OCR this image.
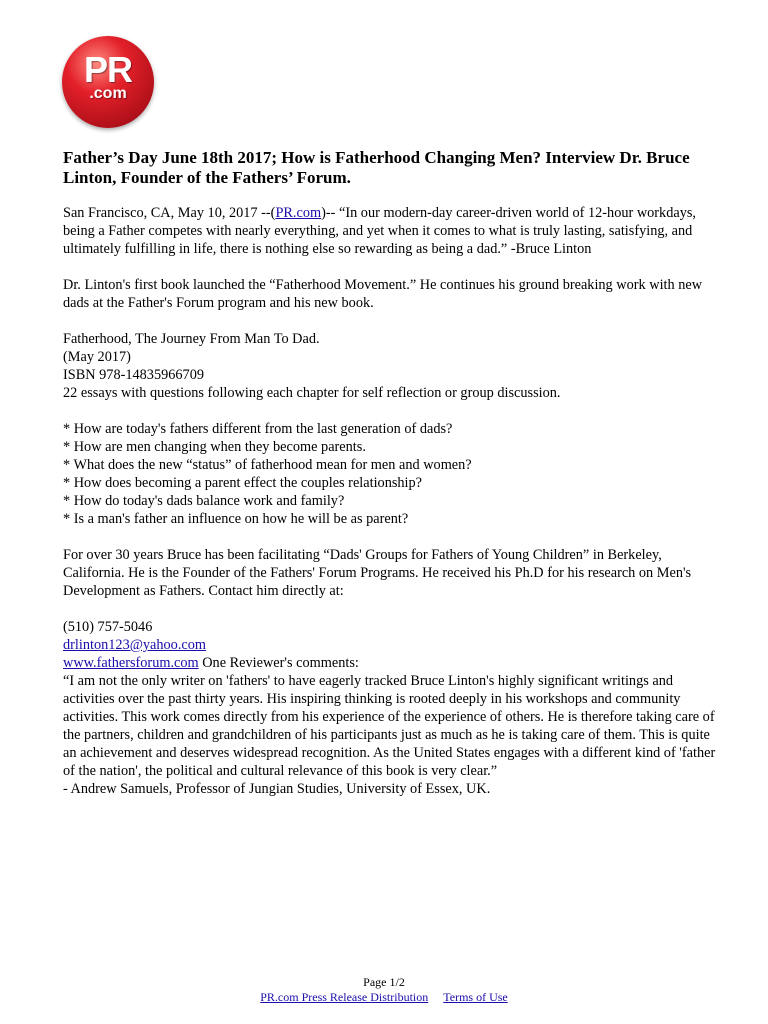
PR
.com
Father’s Day June 18th 2017; How is Fatherhood Changing Men? Interview Dr. Bruce Linton, Founder of the Fathers’ Forum.

San Francisco, CA, May 10, 2017 --(PR.com)-- “In our modern-day career-driven world of 12-hour workdays, being a Father competes with nearly everything, and yet when it comes to what is truly lasting, satisfying, and ultimately fulfilling in life, there is nothing else so rewarding as being a dad.” -Bruce Linton

Dr. Linton's first book launched the “Fatherhood Movement.” He continues his ground breaking work with new dads at the Father's Forum program and his new book.

Fatherhood, The Journey From Man To Dad.
(May 2017)
ISBN 978-14835966709
22 essays with questions following each chapter for self reflection or group discussion.

* How are today's fathers different from the last generation of dads?
* How are men changing when they become parents.
* What does the new “status” of fatherhood mean for men and women?
* How does becoming a parent effect the couples relationship?
* How do today's dads balance work and family?
* Is a man's father an influence on how he will be as parent?

For over 30 years Bruce has been facilitating “Dads' Groups for Fathers of Young Children” in Berkeley, California. He is the Founder of the Fathers' Forum Programs. He received his Ph.D for his research on Men's Development as Fathers. Contact him directly at:

(510) 757-5046
drlinton123@yahoo.com
www.fathersforum.com One Reviewer's comments:
“I am not the only writer on 'fathers' to have eagerly tracked Bruce Linton's highly significant writings and activities over the past thirty years. His inspiring thinking is rooted deeply in his workshops and community activities. This work comes directly from his experience of the experience of others. He is therefore taking care of the partners, children and grandchildren of his participants just as much as he is taking care of them. This is quite an achievement and deserves widespread recognition. As the United States engages with a different kind of 'father of the nation', the political and cultural relevance of this book is very clear.”
- Andrew Samuels, Professor of Jungian Studies, University of Essex, UK.

Page 1/2
PR.com Press Release Distribution Terms of Use
